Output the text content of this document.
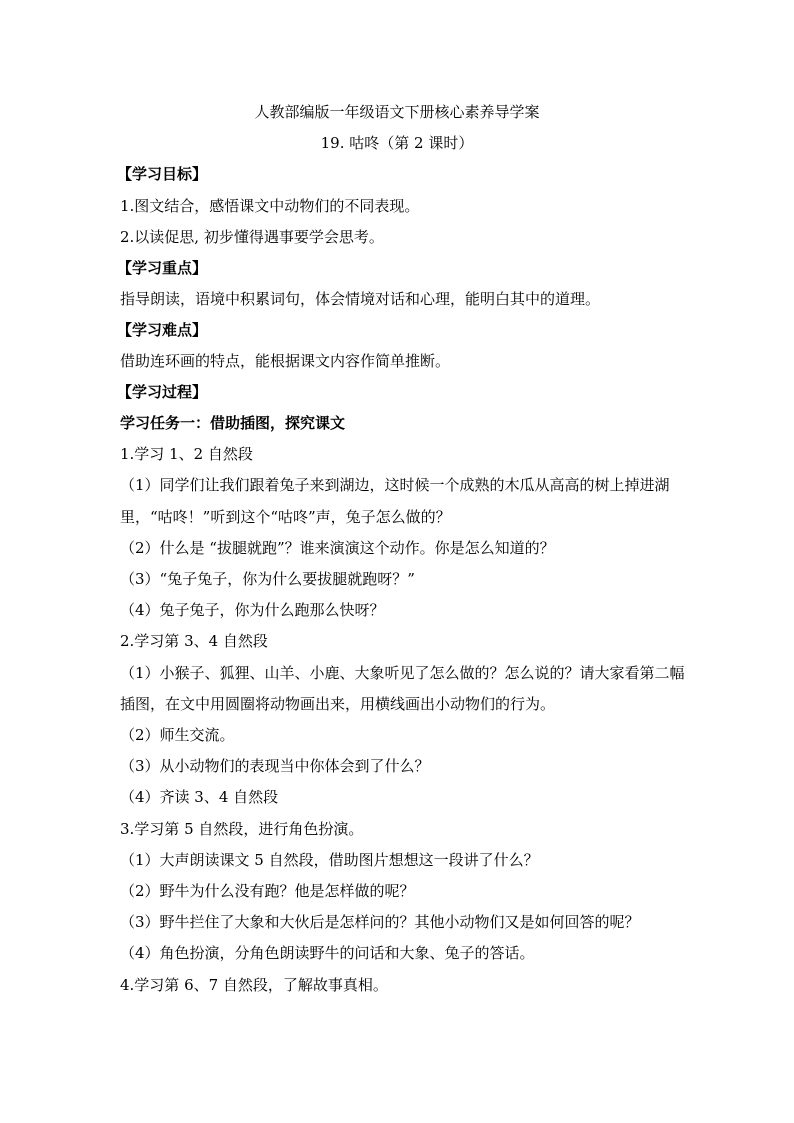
人教部编版一年级语文下册核心素养导学案
19. 咕咚（第 2 课时）
【学习目标】
1.图文结合，感悟课文中动物们的不同表现。
2.以读促思, 初步懂得遇事要学会思考。
【学习重点】
指导朗读，语境中积累词句，体会情境对话和心理，能明白其中的道理。
【学习难点】
借助连环画的特点，能根据课文内容作简单推断。
【学习过程】
学习任务一：借助插图，探究课文
1.学习 1、2 自然段
（1）同学们让我们跟着兔子来到湖边，这时候一个成熟的木瓜从高高的树上掉进湖
里，“咕咚！”听到这个“咕咚”声，兔子怎么做的？
（2）什么是 “拔腿就跑”？谁来演演这个动作。你是怎么知道的？
（3）“兔子兔子，你为什么要拔腿就跑呀？”
（4）兔子兔子，你为什么跑那么快呀？
2.学习第 3、4 自然段
（1）小猴子、狐狸、山羊、小鹿、大象听见了怎么做的？怎么说的？请大家看第二幅
插图，在文中用圆圈将动物画出来，用横线画出小动物们的行为。
（2）师生交流。
（3）从小动物们的表现当中你体会到了什么？
（4）齐读 3、4 自然段
3.学习第 5 自然段，进行角色扮演。
（1）大声朗读课文 5 自然段，借助图片想想这一段讲了什么？
（2）野牛为什么没有跑？他是怎样做的呢？
（3）野牛拦住了大象和大伙后是怎样问的？其他小动物们又是如何回答的呢？
（4）角色扮演，分角色朗读野牛的问话和大象、兔子的答话。
4.学习第 6、7 自然段，了解故事真相。
